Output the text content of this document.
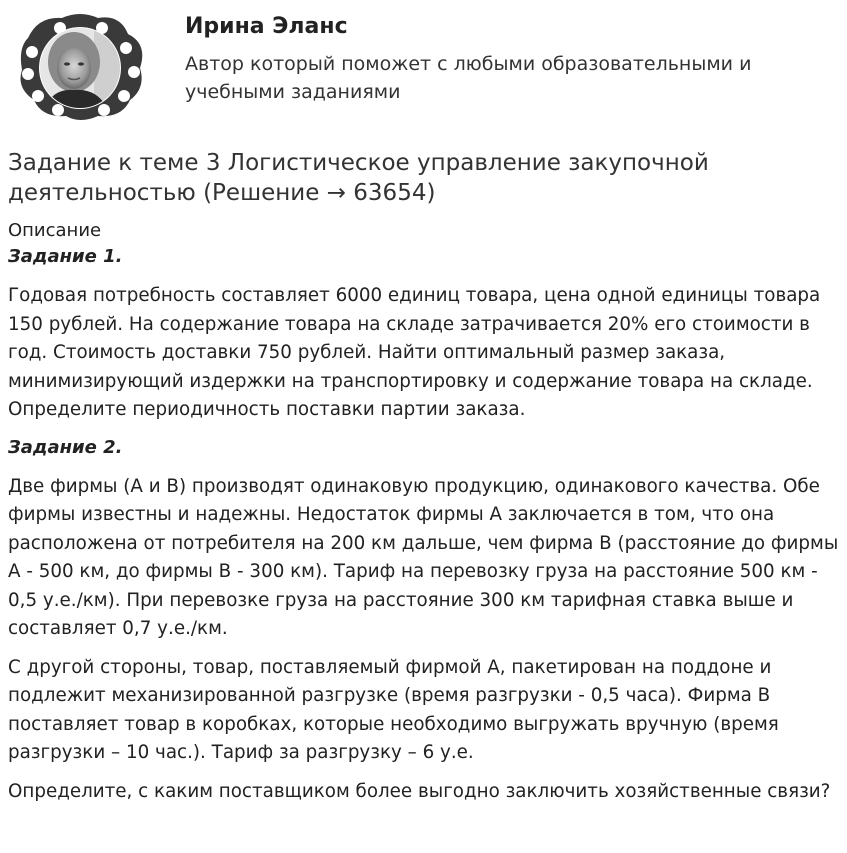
Ирина Эланс
Автор который поможет с любыми образовательными и учебными заданиями
Задание к теме 3 Логистическое управление закупочной деятельностью (Решение → 63654)
Описание
Задание 1.

Годовая потребность составляет 6000 единиц товара, цена одной единицы товара 150 рублей. На содержание товара на складе затрачивается 20% его стоимости в год. Стоимость доставки 750 рублей. Найти оптимальный размер заказа, минимизирующий издержки на транспортировку и содержание товара на складе. Определите периодичность поставки партии заказа.

Задание 2.

Две фирмы (А и В) производят одинаковую продукцию, одинакового качества. Обе фирмы известны и надежны. Недостаток фирмы А заключается в том, что она расположена от потребителя на 200 км дальше, чем фирма В (расстояние до фирмы А - 500 км, до фирмы В - 300 км). Тариф на перевозку груза на расстояние 500 км - 0,5 у.е./км). При перевозке груза на расстояние 300 км тарифная ставка выше и составляет 0,7 у.е./км.

С другой стороны, товар, поставляемый фирмой А, пакетирован на поддоне и подлежит механизированной разгрузке (время разгрузки - 0,5 часа). Фирма В поставляет товар в коробках, которые необходимо выгружать вручную (время разгрузки – 10 час.). Тариф за разгрузку – 6 у.е.

Определите, с каким поставщиком более выгодно заключить хозяйственные связи?
